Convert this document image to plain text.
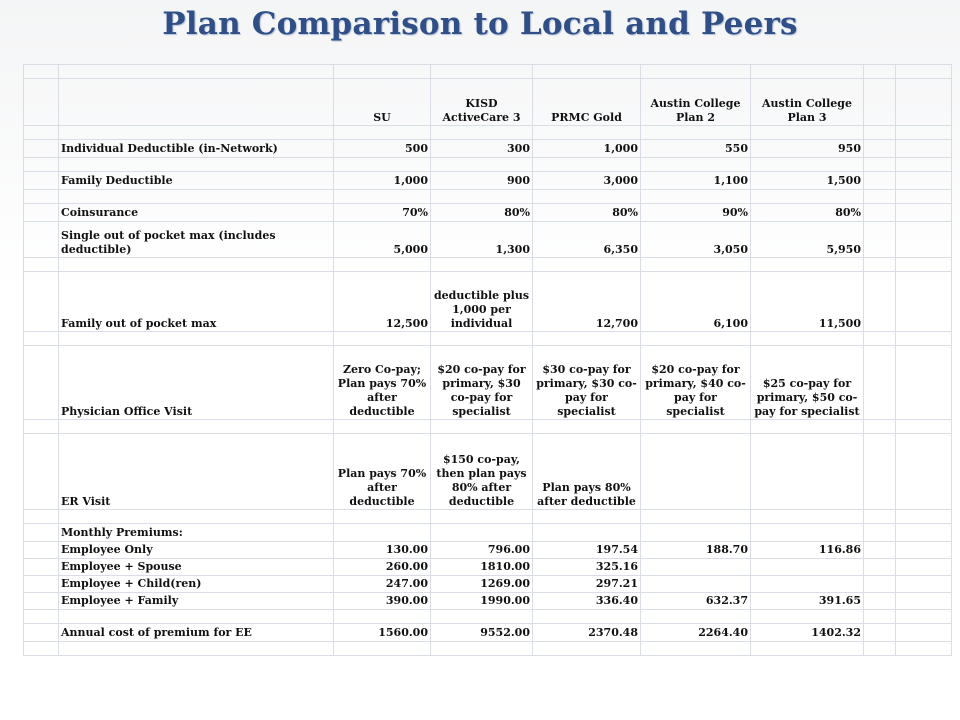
Plan Comparison to Local and Peers

		SU	KISD ActiveCare 3	PRMC Gold	Austin College Plan 2	Austin College Plan 3		

	Individual Deductible (in-Network)	500	300	1,000	550	950		

	Family Deductible	1,000	900	3,000	1,100	1,500		

	Coinsurance	70%	80%	80%	90%	80%		
	Single out of pocket max (includes deductible)	5,000	1,300	6,350	3,050	5,950		

	Family out of pocket max	12,500	deductible plus 1,000 per individual	12,700	6,100	11,500		

	Physician Office Visit	Zero Co-pay; Plan pays 70% after deductible	$20 co-pay for primary, $30 co-pay for specialist	$30 co-pay for primary, $30 co-pay for specialist	$20 co-pay for primary, $40 co-pay for specialist	$25 co-pay for primary, $50 co-pay for specialist		

	ER Visit	Plan pays 70% after deductible	$150 co-pay, then plan pays 80% after deductible	Plan pays 80% after deductible				

	Monthly Premiums:							
	Employee Only	130.00	796.00	197.54	188.70	116.86		
	Employee + Spouse	260.00	1810.00	325.16				
	Employee + Child(ren)	247.00	1269.00	297.21				
	Employee + Family	390.00	1990.00	336.40	632.37	391.65		

	Annual cost of premium for EE	1560.00	9552.00	2370.48	2264.40	1402.32		
